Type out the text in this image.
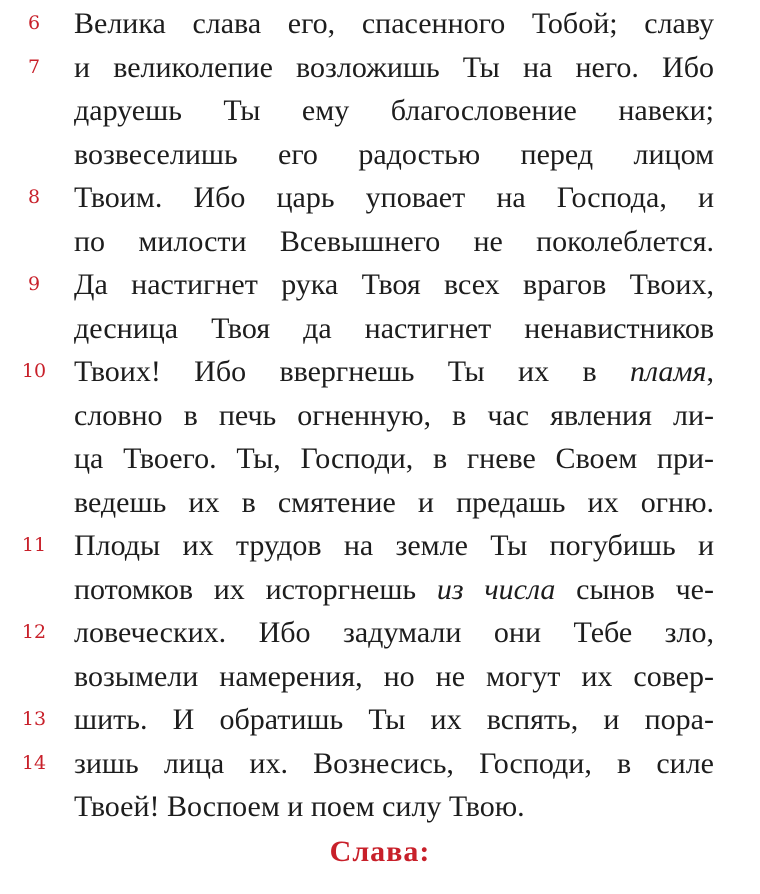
6	Велика слава его, спасенного Тобой; славу
7	и великолепие возложишь Ты на него. Ибо
даруешь Ты ему благословение навеки;
возвеселишь его радостью перед лицом
8	Твоим. Ибо царь уповает на Господа, и
по милости Всевышнего не поколеблется.
9	Да настигнет рука Твоя всех врагов Твоих,
десница Твоя да настигнет ненавистников
10 Твоих! Ибо ввергнешь Ты их в пламя,
словно в печь огненную, в час явления ли-
ца Твоего. Ты, Господи, в гневе Своем при-
ведешь их в смятение и предашь их огню.
11 Плоды их трудов на земле Ты погубишь и
потомков их исторгнешь из числа сынов че-
12 ловеческих. Ибо задумали они Тебе зло,
возымели намерения, но не могут их совер-
13 шить. И обратишь Ты их вспять, и пора-
14 зишь лица их. Вознесись, Господи, в силе
Твоей! Воспоем и поем силу Твою.
Слава:
